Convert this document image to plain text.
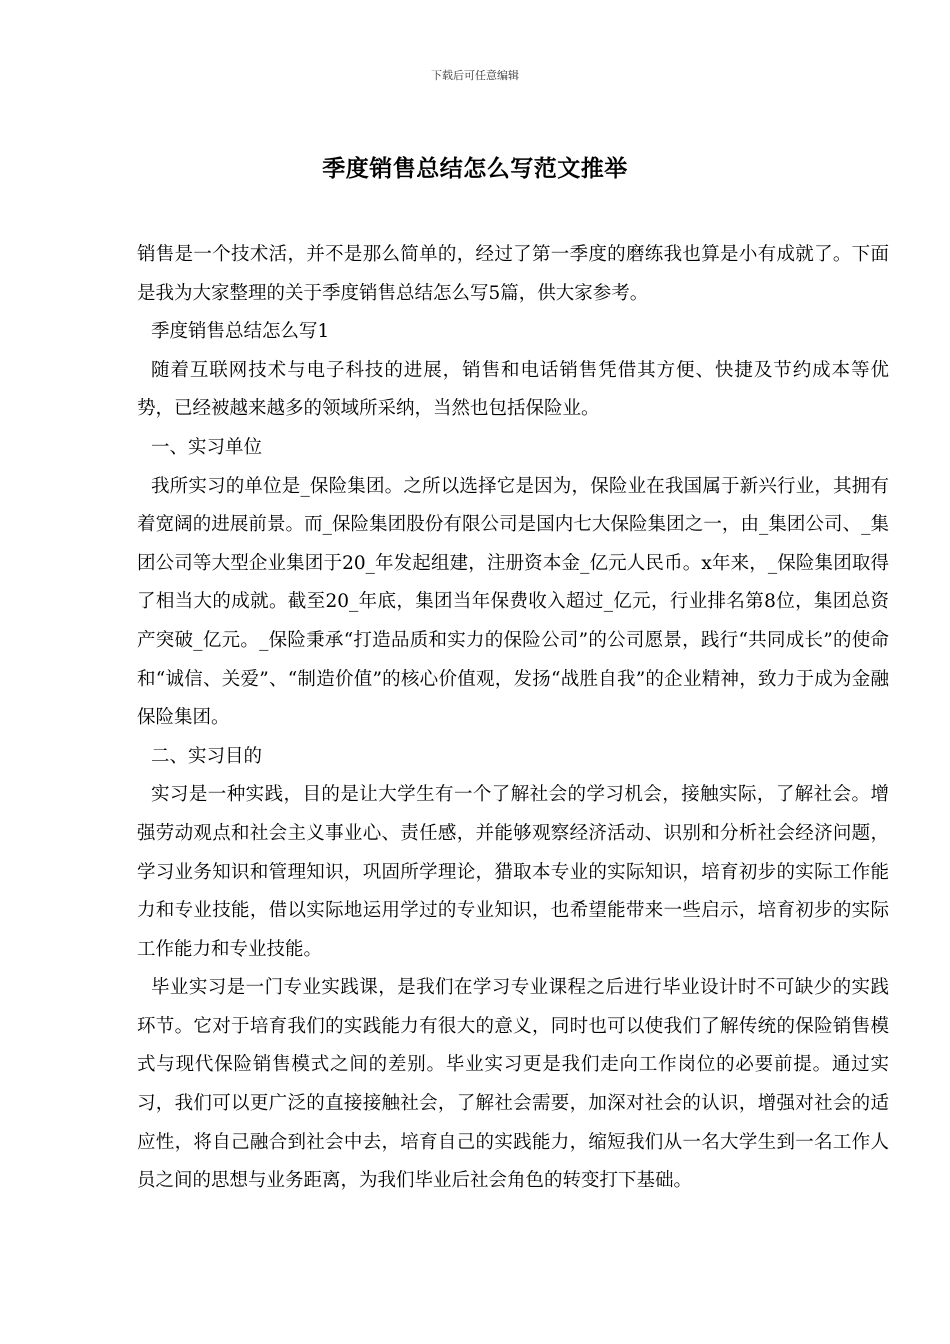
下载后可任意编辑
季度销售总结怎么写范文推举

销售是一个技术活，并不是那么简单的，经过了第一季度的磨练我也算是小有成就了。下面是我为大家整理的关于季度销售总结怎么写5篇，供大家参考。

季度销售总结怎么写1

随着互联网技术与电子科技的进展，销售和电话销售凭借其方便、快捷及节约成本等优势，已经被越来越多的领域所采纳，当然也包括保险业。

一、实习单位

我所实习的单位是_保险集团。之所以选择它是因为，保险业在我国属于新兴行业，其拥有着宽阔的进展前景。而_保险集团股份有限公司是国内七大保险集团之一，由_集团公司、_集团公司等大型企业集团于20_年发起组建，注册资本金_亿元人民币。x年来，_保险集团取得了相当大的成就。截至20_年底，集团当年保费收入超过_亿元，行业排名第8位，集团总资产突破_亿元。_保险秉承“打造品质和实力的保险公司”的公司愿景，践行“共同成长”的使命和“诚信、关爱”、“制造价值”的核心价值观，发扬“战胜自我”的企业精神，致力于成为金融保险集团。

二、实习目的

实习是一种实践，目的是让大学生有一个了解社会的学习机会，接触实际，了解社会。增强劳动观点和社会主义事业心、责任感，并能够观察经济活动、识别和分析社会经济问题，学习业务知识和管理知识，巩固所学理论，猎取本专业的实际知识，培育初步的实际工作能力和专业技能，借以实际地运用学过的专业知识，也希望能带来一些启示，培育初步的实际工作能力和专业技能。

毕业实习是一门专业实践课，是我们在学习专业课程之后进行毕业设计时不可缺少的实践环节。它对于培育我们的实践能力有很大的意义，同时也可以使我们了解传统的保险销售模式与现代保险销售模式之间的差别。毕业实习更是我们走向工作岗位的必要前提。通过实习，我们可以更广泛的直接接触社会，了解社会需要，加深对社会的认识，增强对社会的适应性，将自己融合到社会中去，培育自己的实践能力，缩短我们从一名大学生到一名工作人员之间的思想与业务距离，为我们毕业后社会角色的转变打下基础。
